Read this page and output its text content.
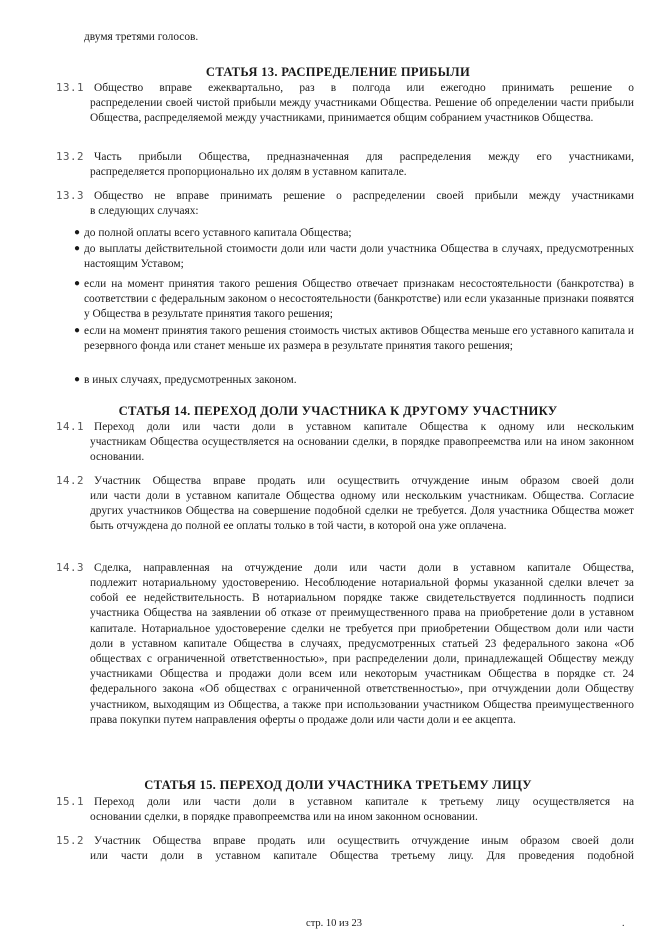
двумя третями голосов.
СТАТЬЯ 13. РАСПРЕДЕЛЕНИЕ ПРИБЫЛИ
13.1 Общество вправе ежеквартально, раз в полгода или ежегодно принимать решение о
распределении своей чистой прибыли между участниками Общества. Решение об определении части прибыли Общества, распределяемой между участниками, принимается общим собранием участников Общества.
13.2 Часть прибыли Общества, предназначенная для распределения между его участниками,
распределяется пропорционально их долям в уставном капитале.
13.3 Общество не вправе принимать решение о распределении своей прибыли между участниками
в следующих случаях:
● до полной оплаты всего уставного капитала Общества;
● до выплаты действительной стоимости доли или части доли участника Общества в случаях, предусмотренных настоящим Уставом;
● если на момент принятия такого решения Общество отвечает признакам несостоятельности (банкротства) в соответствии с федеральным законом о несостоятельности (банкротстве) или если указанные признаки появятся у Общества в результате принятия такого решения;
● если на момент принятия такого решения стоимость чистых активов Общества меньше его уставного капитала и резервного фонда или станет меньше их размера в результате принятия такого решения;
● в иных случаях, предусмотренных законом.
СТАТЬЯ 14. ПЕРЕХОД ДОЛИ УЧАСТНИКА К ДРУГОМУ УЧАСТНИКУ
14.1 Переход доли или части доли в уставном капитале Общества к одному или нескольким
участникам Общества осуществляется на основании сделки, в порядке правопреемства или на ином законном основании.
14.2 Участник Общества вправе продать или осуществить отчуждение иным образом своей доли
или части доли в уставном капитале Общества одному или нескольким участникам. Общества. Согласие других участников Общества на совершение подобной сделки не требуется. Доля участника Общества может быть отчуждена до полной ее оплаты только в той части, в которой она уже оплачена.
14.3 Сделка, направленная на отчуждение доли или части доли в уставном капитале Общества,
подлежит нотариальному удостоверению. Несоблюдение нотариальной формы указанной сделки влечет за собой ее недействительность. В нотариальном порядке также свидетельствуется подлинность подписи участника Общества на заявлении об отказе от преимущественного права на приобретение доли в уставном капитале. Нотариальное удостоверение сделки не требуется при приобретении Обществом доли или части доли в уставном капитале Общества в случаях, предусмотренных статьей 23 федерального закона «Об обществах с ограниченной ответственностью», при распределении доли, принадлежащей Обществу между участниками Общества и продажи доли всем или некоторым участникам Общества в порядке ст. 24 федерального закона «Об обществах с ограниченной ответственностью», при отчуждении доли Обществу участником, выходящим из Общества, а также при использовании участником Общества преимущественного права покупки путем направления оферты о продаже доли или части доли и ее акцепта.
СТАТЬЯ 15. ПЕРЕХОД ДОЛИ УЧАСТНИКА ТРЕТЬЕМУ ЛИЦУ
15.1 Переход доли или части доли в уставном капитале к третьему лицу осуществляется на
основании сделки, в порядке правопреемства или на ином законном основании.
15.2 Участник Общества вправе продать или осуществить отчуждение иным образом своей доли
или части доли в уставном капитале Общества третьему лицу. Для проведения подобной
стр. 10 из 23	.
